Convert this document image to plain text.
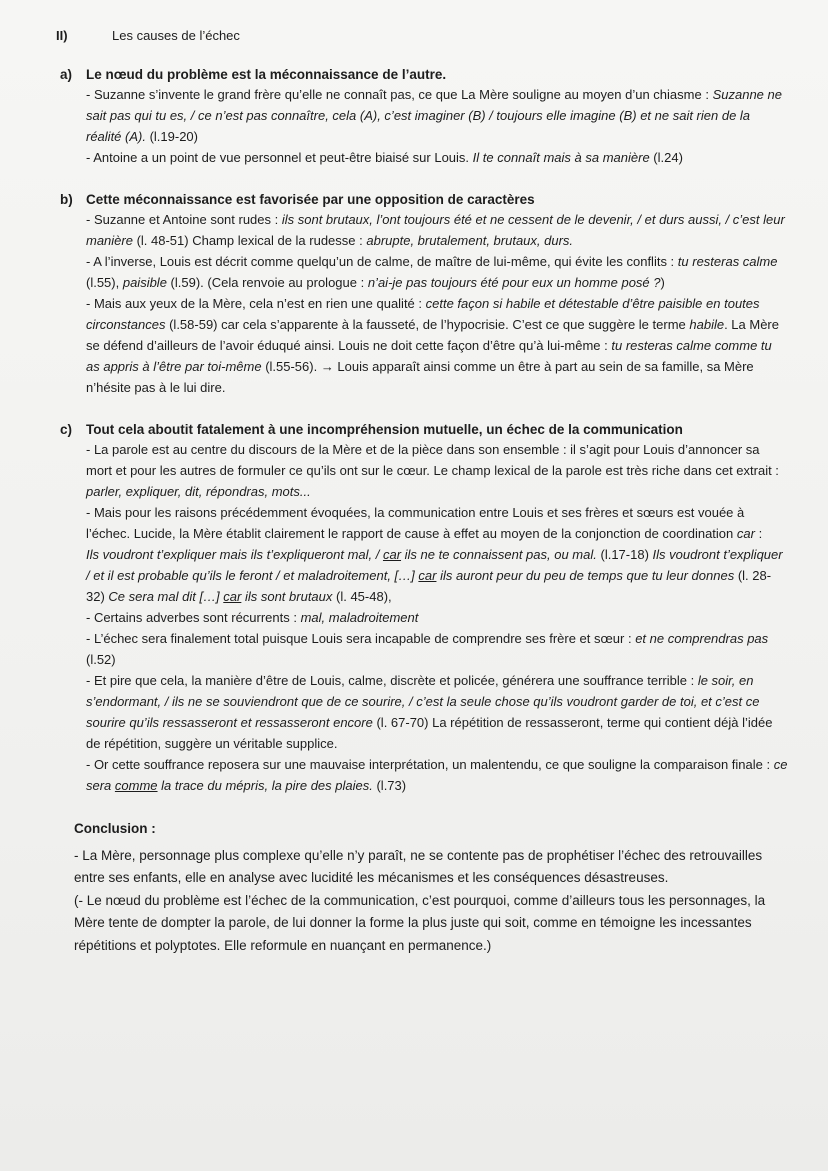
II)	Les causes de l’échec
a)	Le nœud du problème est la méconnaissance de l’autre.

- Suzanne s’invente le grand frère qu’elle ne connaît pas, ce que La Mère souligne au moyen d’un chiasme : Suzanne ne sait pas qui tu es, / ce n’est pas connaître, cela (A), c’est imaginer (B) / toujours elle imagine (B) et ne sait rien de la réalité (A). (l.19-20)

- Antoine a un point de vue personnel et peut-être biaisé sur Louis. Il te connaît mais à sa manière (l.24)

b) Cette méconnaissance est favorisée par une opposition de caractères

- Suzanne et Antoine sont rudes : ils sont brutaux, l’ont toujours été et ne cessent de le devenir, / et durs aussi, / c’est leur manière (l. 48-51) Champ lexical de la rudesse : abrupte, brutalement, brutaux, durs.

- A l’inverse, Louis est décrit comme quelqu’un de calme, de maître de lui-même, qui évite les conflits : tu resteras calme (l.55), paisible (l.59). (Cela renvoie au prologue : n’ai-je pas toujours été pour eux un homme posé ?)

- Mais aux yeux de la Mère, cela n’est en rien une qualité : cette façon si habile et détestable d’être paisible en toutes circonstances (l.58-59) car cela s’apparente à la fausseté, de l’hypocrisie. C’est ce que suggère le terme habile. La Mère se défend d’ailleurs de l’avoir éduqué ainsi. Louis ne doit cette façon d’être qu’à lui-même : tu resteras calme comme tu as appris à l’être par toi-même (l.55-56). → Louis apparaît ainsi comme un être à part au sein de sa famille, sa Mère n’hésite pas à le lui dire.

c)	Tout cela aboutit fatalement à une incompréhension mutuelle, un échec de la communication

- La parole est au centre du discours de la Mère et de la pièce dans son ensemble : il s’agit pour Louis d’annoncer sa mort et pour les autres de formuler ce qu’ils ont sur le cœur. Le champ lexical de la parole est très riche dans cet extrait : parler, expliquer, dit, répondras, mots...

- Mais pour les raisons précédemment évoquées, la communication entre Louis et ses frères et sœurs est vouée à l’échec. Lucide, la Mère établit clairement le rapport de cause à effet au moyen de la conjonction de coordination car :

Ils voudront t’expliquer mais ils t’expliqueront mal, / car ils ne te connaissent pas, ou mal. (l.17-18) Ils voudront t’expliquer / et il est probable qu’ils le feront / et maladroitement, […] car ils auront peur du peu de temps que tu leur donnes (l. 28-32) Ce sera mal dit […] car ils sont brutaux (l. 45-48),

- Certains adverbes sont récurrents : mal, maladroitement

- L’échec sera finalement total puisque Louis sera incapable de comprendre ses frère et sœur : et ne comprendras pas (l.52)

- Et pire que cela, la manière d’être de Louis, calme, discrète et policée, générera une souffrance terrible : le soir, en s’endormant, / ils ne se souviendront que de ce sourire, / c’est la seule chose qu’ils voudront garder de toi, et c’est ce sourire qu’ils ressasseront et ressasseront encore (l. 67-70) La répétition de ressasseront, terme qui contient déjà l’idée de répétition, suggère un véritable supplice.

- Or cette souffrance reposera sur une mauvaise interprétation, un malentendu, ce que souligne la comparaison finale : ce sera comme la trace du mépris, la pire des plaies. (l.73)

Conclusion :

- La Mère, personnage plus complexe qu’elle n’y paraît, ne se contente pas de prophétiser l’échec des retrouvailles entre ses enfants, elle en analyse avec lucidité les mécanismes et les conséquences désastreuses.

(- Le nœud du problème est l’échec de la communication, c’est pourquoi, comme d’ailleurs tous les personnages, la Mère tente de dompter la parole, de lui donner la forme la plus juste qui soit, comme en témoigne les incessantes répétitions et polyptotes. Elle reformule en nuançant en permanence.)
